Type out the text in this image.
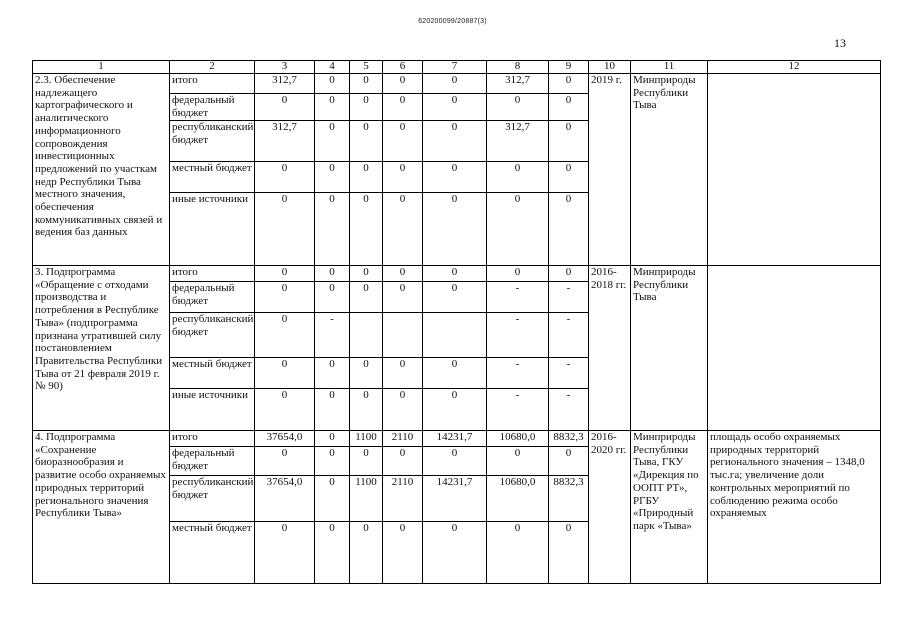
620200099/20887(3)
13
1	2	3	4	5	6	7	8	9	10	11	12
2.3. Обеспечение надлежащего картографического и аналитического информационного сопровождения инвестиционных предложений по участкам недр Республики Тыва местного значения, обеспечения коммуникативных связей и ведения баз данных	итого	312,7	0	0	0	0	312,7	0	2019 г.	Минприроды Республики Тыва	
	федеральный бюджет	0	0	0	0	0	0	0			
	республиканский бюджет	312,7	0	0	0	0	312,7	0			
	местный бюджет	0	0	0	0	0	0	0			
	иные источники	0	0	0	0	0	0	0			
3. Подпрограмма «Обращение с отходами производства и потребления в Республике Тыва» (подпрограмма признана утратившей силу постановлением Правительства Республики Тыва от 21 февраля 2019 г. № 90)	итого	0	0	0	0	0	0	0	2016-2018 гг.	Минприроды Республики Тыва	
	федеральный бюджет	0	0	0	0	0	-	-			
	республиканский бюджет	0	-				-	-			
	местный бюджет	0	0	0	0	0	-	-			
	иные источники	0	0	0	0	0	-	-			
4. Подпрограмма «Сохранение биоразнообразия и развитие особо охраняемых природных территорий регионального значения Республики Тыва»	итого	37654,0	0	1100	2110	14231,7	10680,0	8832,3	2016-2020 гг.	Минприроды Республики Тыва, ГКУ «Дирекция по ООПТ РТ», РГБУ «Природный парк «Тыва»	площадь особо охраняемых природных территорий регионального значения – 1348,0 тыс.га; увеличение доли контрольных мероприятий по соблюдению режима особо охраняемых
	федеральный бюджет	0	0	0	0	0	0	0			
	республиканский бюджет	37654,0	0	1100	2110	14231,7	10680,0	8832,3			
	местный бюджет	0	0	0	0	0	0	0			
